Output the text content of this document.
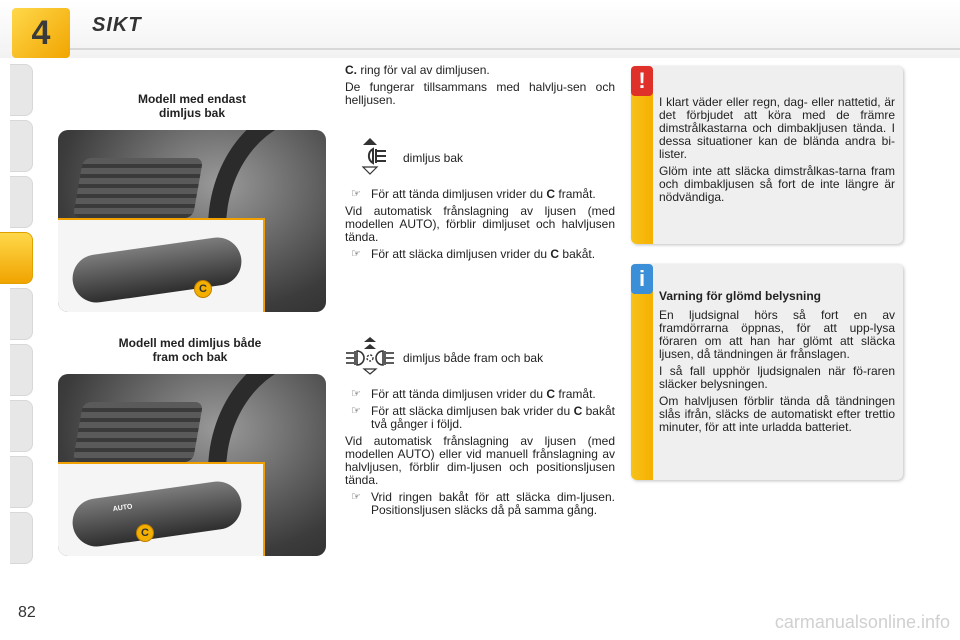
4	SIKT
Modell med endast
dimljus bak
C
Modell med dimljus både
fram och bak
AUTO
C

C. ring för val av dimljusen.

De fungerar tillsammans med halvlju-sen och helljusen.

dimljus bak
☞ För att tända dimljusen vrider du C framåt.

Vid automatisk frånslagning av ljusen (med modellen AUTO), förblir dimljuset och halvljusen tända.

☞ För att släcka dimljusen vrider du C bakåt.
dimljus både fram och bak
☞ För att tända dimljusen vrider du C framåt.
☞ För att släcka dimljusen bak vrider du C bakåt två gånger i följd.

Vid automatisk frånslagning av ljusen (med modellen AUTO) eller vid manuell frånslagning av halvljusen, förblir dim-ljusen och positionsljusen tända.

☞ Vrid ringen bakåt för att släcka dim-ljusen. Positionsljusen släcks då på samma gång.
!

I klart väder eller regn, dag- eller nattetid, är det förbjudet att köra med de främre dimstrålkastarna och dimbakljusen tända. I dessa situationer kan de blända andra bi-lister.

Glöm inte att släcka dimstrålkas-tarna fram och dimbakljusen så fort de inte längre är nödvändiga.

i

Varning för glömd belysning

En ljudsignal hörs så fort en av framdörrarna öppnas, för att upp-lysa föraren om att han har glömt att släcka ljusen, då tändningen är frånslagen.

I så fall upphör ljudsignalen när fö-raren släcker belysningen.

Om halvljusen förblir tända då tändningen slås ifrån, släcks de automatiskt efter trettio minuter, för att inte urladda batteriet.

82	carmanualsonline.info
